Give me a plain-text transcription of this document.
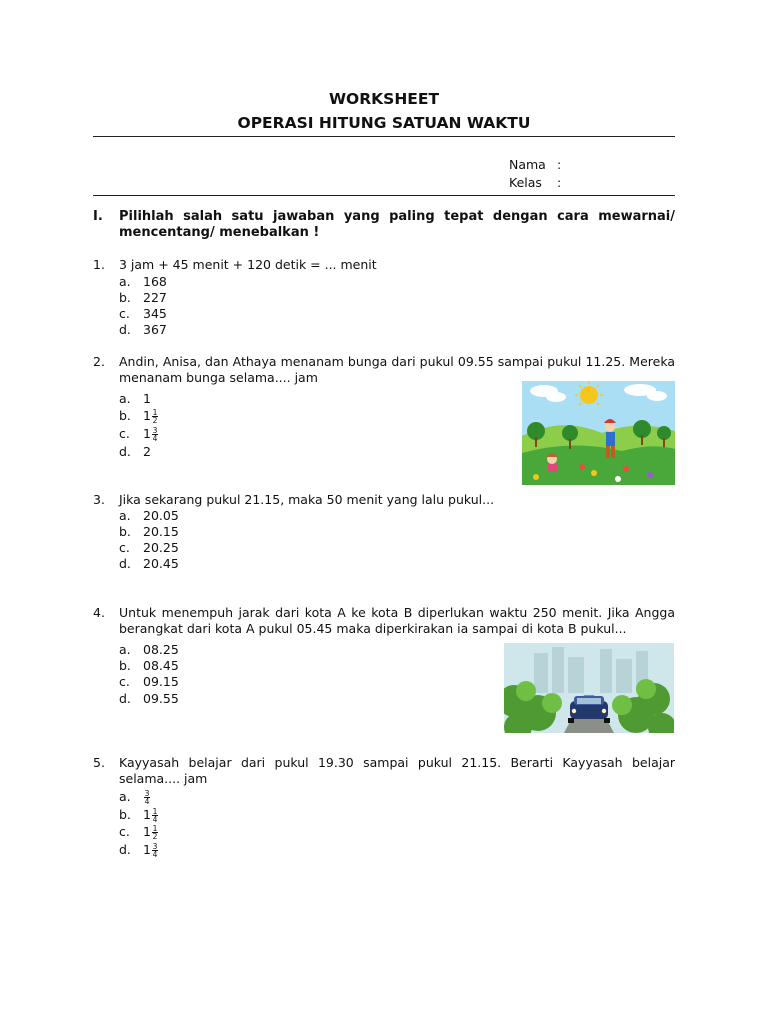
WORKSHEET
OPERASI HITUNG SATUAN WAKTU
Nama :
Kelas :
I. Pilihlah salah satu jawaban yang paling tepat dengan cara mewarnai/ mencentang/ menebalkan !
1. 3 jam + 45 menit + 120 detik = ... menit
a. 168
b. 227
c. 345
d. 367
2. Andin, Anisa, dan Athaya menanam bunga dari pukul 09.55 sampai pukul 11.25. Mereka menanam bunga selama.... jam
a. 1
b. $1 \frac{1}{2}$
c. $1 \frac{3}{4}$
d. 2
3. Jika sekarang pukul 21.15, maka 50 menit yang lalu pukul...
a. 20.05
b. 20.15
c. 20.25
d. 20.45
4. Untuk menempuh jarak dari kota A ke kota B diperlukan waktu 250 menit. Jika Angga berangkat dari kota A pukul 05.45 maka diperkirakan ia sampai di kota B pukul...
a. 08.25
b. 08.45
c. 09.15
d. 09.55
5. Kayyasah belajar dari pukul 19.30 sampai pukul 21.15. Berarti Kayyasah belajar selama.... jam
a. $\frac{3}{4}$
b. $1 \frac{1}{4}$
c. $1 \frac{1}{2}$
d. $1 \frac{3}{4}$
